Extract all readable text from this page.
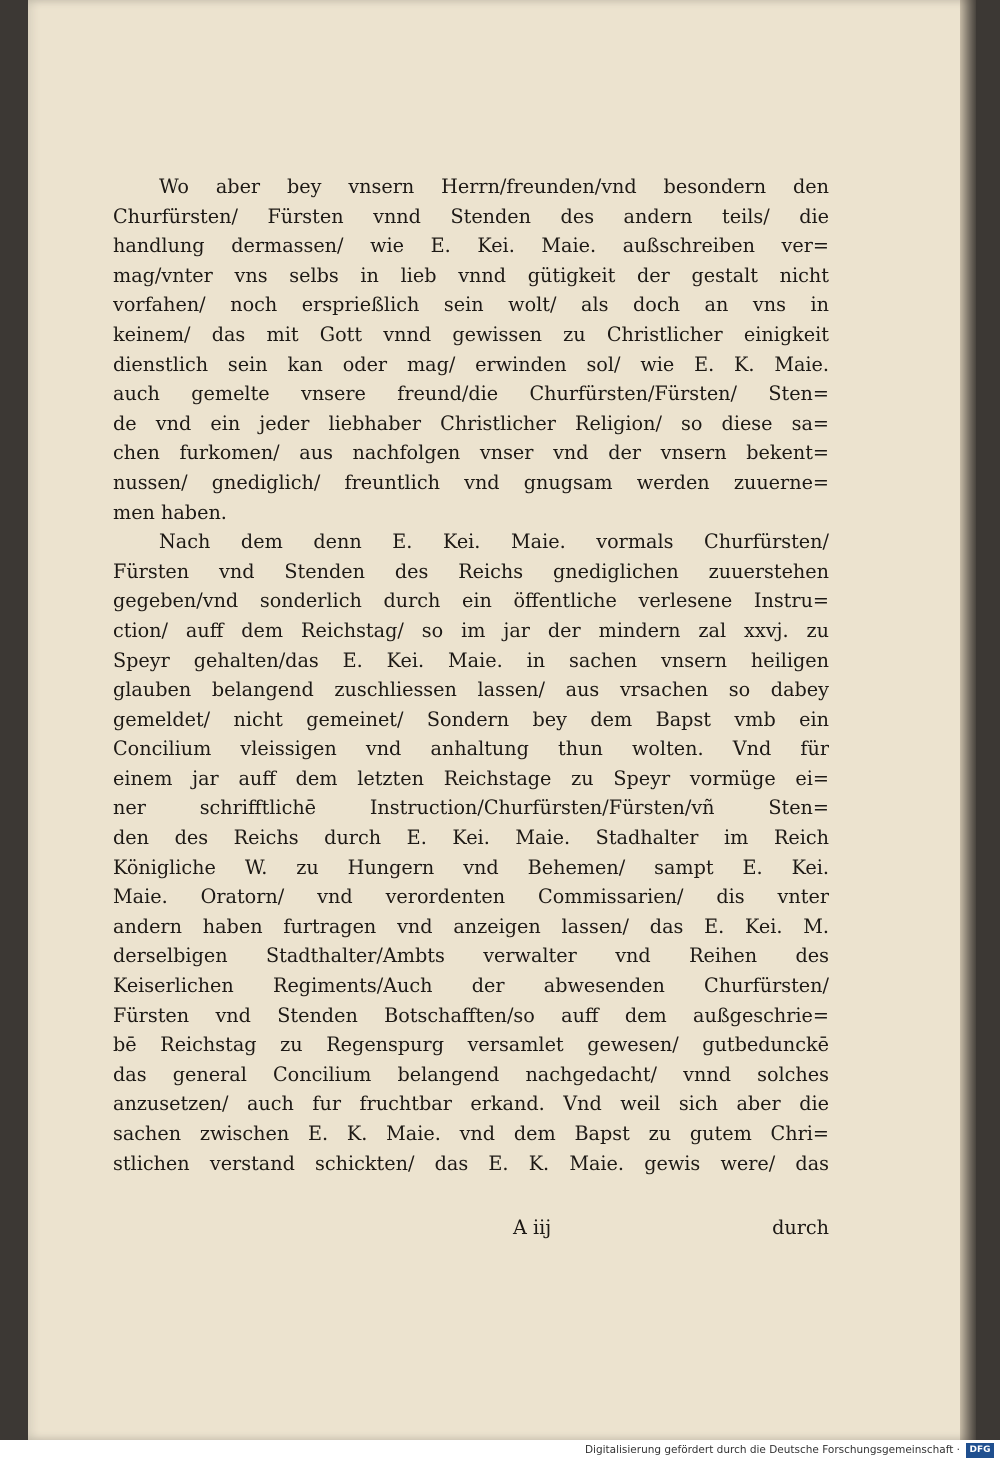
Wo aber bey vnsern Herrn/freunden/vnd besondern den
Churfürsten/ Fürsten vnnd Stenden des andern teils/ die
handlung dermassen/ wie E. Kei. Maie. außschreiben ver=
mag/vnter vns selbs in lieb vnnd gütigkeit der gestalt nicht
vorfahen/ noch ersprießlich sein wolt/ als doch an vns in
keinem/ das mit Gott vnnd gewissen zu Christlicher einigkeit
dienstlich sein kan oder mag/ erwinden sol/ wie E. K. Maie.
auch gemelte vnsere freund/die Churfürsten/Fürsten/ Sten=
de vnd ein jeder liebhaber Christlicher Religion/ so diese sa=
chen furkomen/ aus nachfolgen vnser vnd der vnsern bekent=
nussen/ gnediglich/ freuntlich vnd gnugsam werden zuuerne=
men haben.
Nach dem denn E. Kei. Maie. vormals Churfürsten/
Fürsten vnd Stenden des Reichs gnediglichen zuuerstehen
gegeben/vnd sonderlich durch ein öffentliche verlesene Instru=
ction/ auff dem Reichstag/ so im jar der mindern zal xxvj. zu
Speyr gehalten/das E. Kei. Maie. in sachen vnsern heiligen
glauben belangend zuschliessen lassen/ aus vrsachen so dabey
gemeldet/ nicht gemeinet/ Sondern bey dem Bapst vmb ein
Concilium vleissigen vnd anhaltung thun wolten. Vnd für
einem jar auff dem letzten Reichstage zu Speyr vormüge ei=
ner schrifftlichē Instruction/Churfürsten/Fürsten/vñ Sten=
den des Reichs durch E. Kei. Maie. Stadhalter im Reich
Königliche W. zu Hungern vnd Behemen/ sampt E. Kei.
Maie. Oratorn/ vnd verordenten Commissarien/ dis vnter
andern haben furtragen vnd anzeigen lassen/ das E. Kei. M.
derselbigen Stadthalter/Ambts verwalter vnd Reihen des
Keiserlichen Regiments/Auch der abwesenden Churfürsten/
Fürsten vnd Stenden Botschafften/so auff dem außgeschrie=
bē Reichstag zu Regenspurg versamlet gewesen/ gutbedunckē
das general Concilium belangend nachgedacht/ vnnd solches
anzusetzen/ auch fur fruchtbar erkand. Vnd weil sich aber die
sachen zwischen E. K. Maie. vnd dem Bapst zu gutem Chri=
stlichen verstand schickten/ das E. K. Maie. gewis were/ das
A iij	durch
Digitalisierung gefördert durch die Deutsche Forschungsgemeinschaft ·	DFG
